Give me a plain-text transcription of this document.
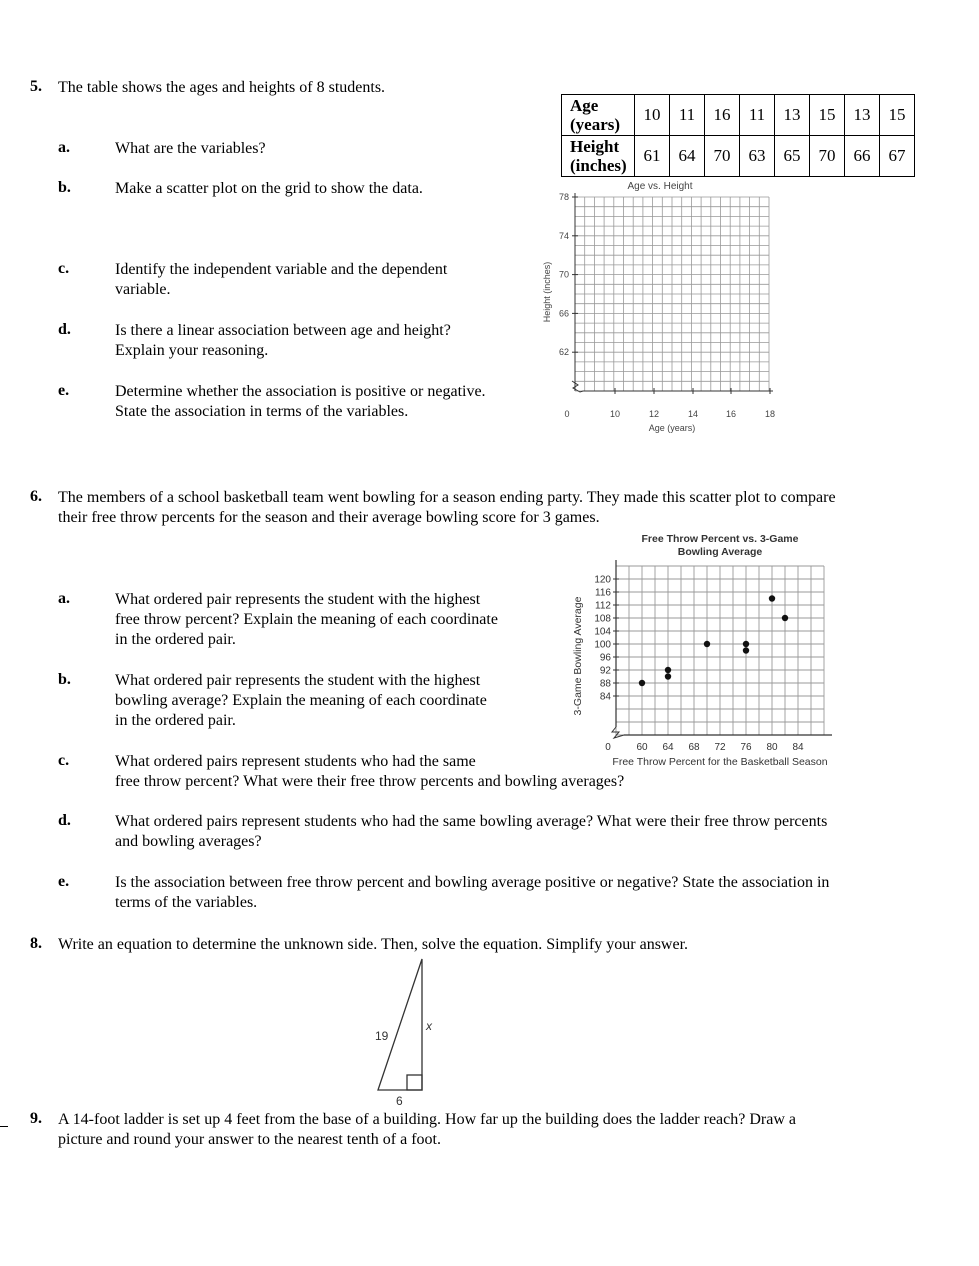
5. The table shows the ages and heights of 8 students.
a.	What are the variables?
b.	Make a scatter plot on the grid to show the data.
c.	Identify the independent variable and the dependent
variable.
d.	Is there a linear association between age and height?
Explain your reasoning.
e.	Determine whether the association is positive or negative.
State the association in terms of the variables.
Age
(years)	10	11	16	11	13	15	13	15
Height
(inches)	61	64	70	63	65	70	66	67
Age vs. Height
78
74
70
66
62
0	10	12	14	16	18
Age (years)
Height (inches)
6. The members of a school basketball team went bowling for a season ending party. They made this scatter plot to compare
their free throw percents for the season and their average bowling score for 3 games.
a.	What ordered pair represents the student with the highest
free throw percent? Explain the meaning of each coordinate
in the ordered pair.
b.	What ordered pair represents the student with the highest
bowling average? Explain the meaning of each coordinate
in the ordered pair.
c.	What ordered pairs represent students who had the same
free throw percent? What were their free throw percents and bowling averages?
d.	What ordered pairs represent students who had the same bowling average? What were their free throw percents
and bowling averages?
e.	Is the association between free throw percent and bowling average positive or negative? State the association in
terms of the variables.
Free Throw Percent vs. 3-Game
Bowling Average
84
88
92
96
100
104
108
112
116
120
0	60 64 68 72 76 80 84
Free Throw Percent for the Basketball Season
3-Game Bowling Average
8. Write an equation to determine the unknown side. Then, solve the equation. Simplify your answer.
19
x
6
9. A 14-foot ladder is set up 4 feet from the base of a building. How far up the building does the ladder reach? Draw a
picture and round your answer to the nearest tenth of a foot.
